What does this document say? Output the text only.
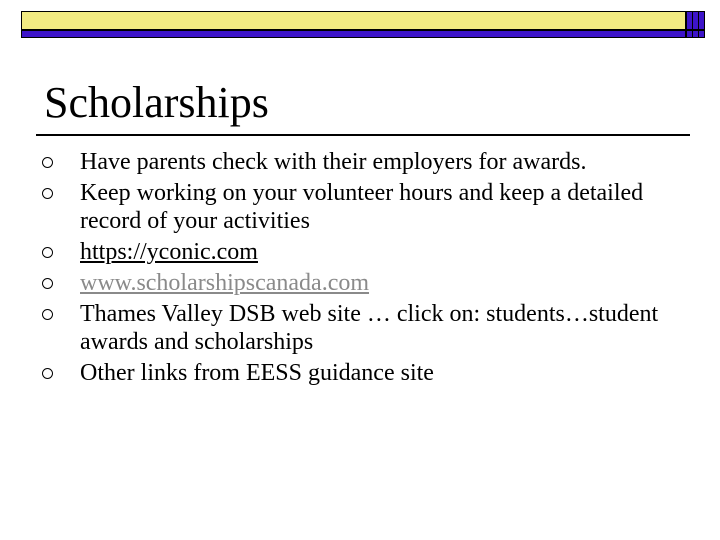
Scholarships
Have parents check with their employers for awards.
Keep working on your volunteer hours and keep a detailed record of your activities
https://yconic.com
www.scholarshipscanada.com
Thames Valley DSB web site … click on: students…student awards and scholarships
Other links from EESS guidance site
